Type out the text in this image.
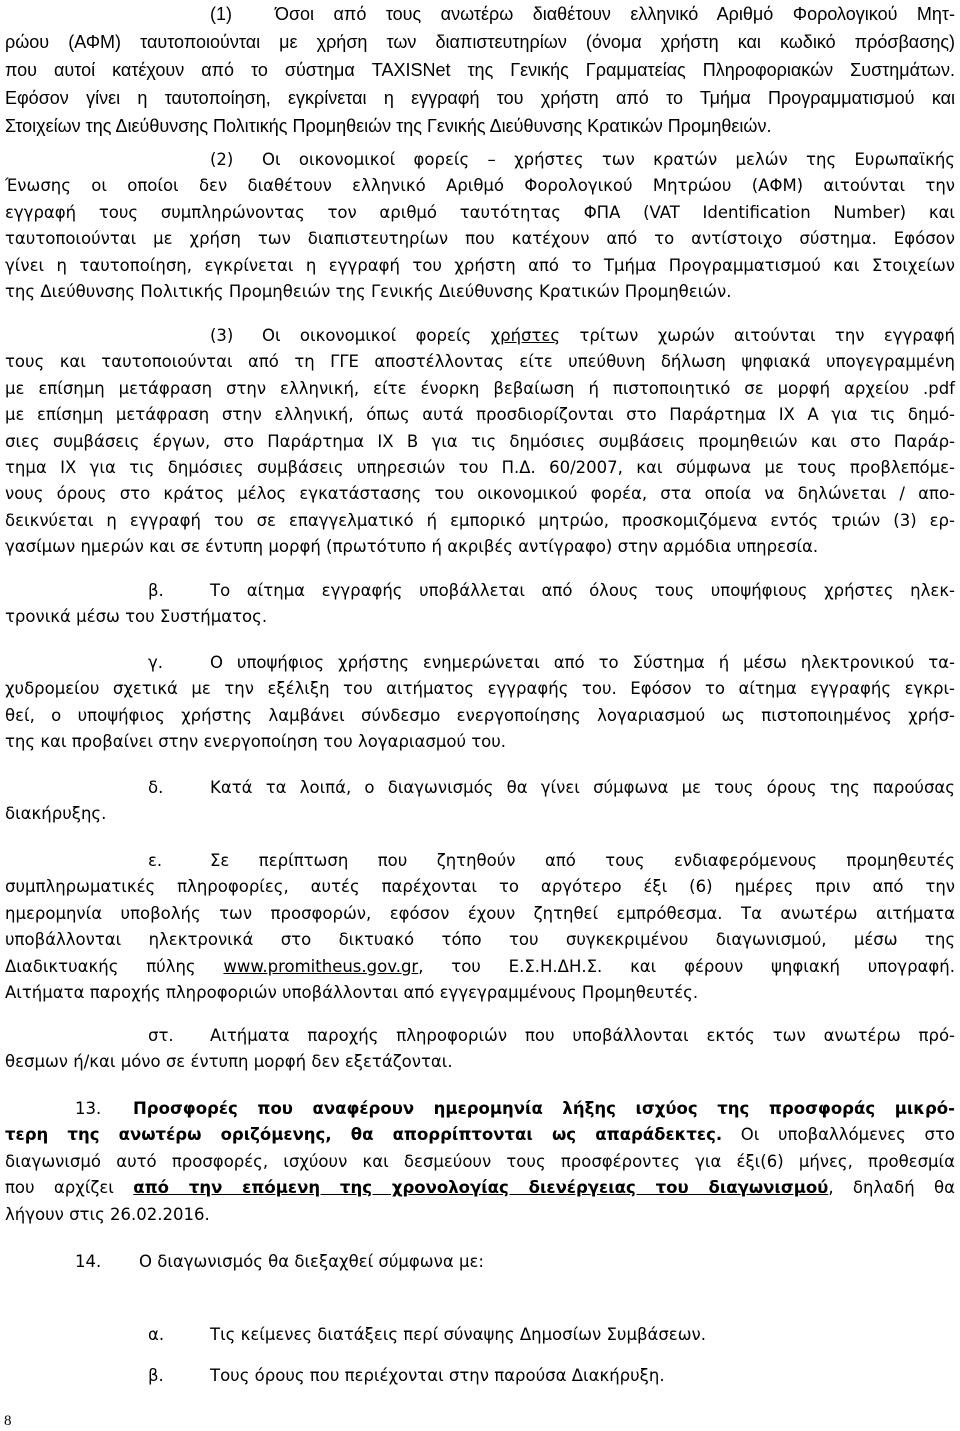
(1) Όσοι από τους ανωτέρω διαθέτουν ελληνικό Αριθμό Φορολογικού Μητ-
ρώου (ΑΦΜ) ταυτοποιούνται με χρήση των διαπιστευτηρίων (όνομα χρήστη και κωδικό πρόσβασης)
που αυτοί κατέχουν από το σύστημα TAXISNet της Γενικής Γραμματείας Πληροφοριακών Συστημάτων.
Εφόσον γίνει η ταυτοποίηση, εγκρίνεται η εγγραφή του χρήστη από το Τμήμα Προγραμματισμού και
Στοιχείων της Διεύθυνσης Πολιτικής Προμηθειών της Γενικής Διεύθυνσης Κρατικών Προμηθειών.
(2) Οι οικονομικοί φορείς – χρήστες των κρατών μελών της Ευρωπαϊκής
Ένωσης οι οποίοι δεν διαθέτουν ελληνικό Αριθμό Φορολογικού Μητρώου (ΑΦΜ) αιτούνται την
εγγραφή τους συμπληρώνοντας τον αριθμό ταυτότητας ΦΠΑ (VAT Identification Number) και
ταυτοποιούνται με χρήση των διαπιστευτηρίων που κατέχουν από το αντίστοιχο σύστημα. Εφόσον
γίνει η ταυτοποίηση, εγκρίνεται η εγγραφή του χρήστη από το Τμήμα Προγραμματισμού και Στοιχείων
της Διεύθυνσης Πολιτικής Προμηθειών της Γενικής Διεύθυνσης Κρατικών Προμηθειών.
(3) Οι οικονομικοί φορείς χρήστες τρίτων χωρών αιτούνται την εγγραφή
τους και ταυτοποιούνται από τη ΓΓΕ αποστέλλοντας είτε υπεύθυνη δήλωση ψηφιακά υπογεγραμμένη
με επίσημη μετάφραση στην ελληνική, είτε ένορκη βεβαίωση ή πιστοποιητικό σε μορφή αρχείου .pdf
με επίσημη μετάφραση στην ελληνική, όπως αυτά προσδιορίζονται στο Παράρτημα IX A για τις δημό-
σιες συμβάσεις έργων, στο Παράρτημα IX B για τις δημόσιες συμβάσεις προμηθειών και στο Παράρ-
τημα IX για τις δημόσιες συμβάσεις υπηρεσιών του Π.Δ. 60/2007, και σύμφωνα με τους προβλεπόμε-
νους όρους στο κράτος μέλος εγκατάστασης του οικονομικού φορέα, στα οποία να δηλώνεται / απο-
δεικνύεται η εγγραφή του σε επαγγελματικό ή εμπορικό μητρώο, προσκομιζόμενα εντός τριών (3) ερ-
γασίμων ημερών και σε έντυπη μορφή (πρωτότυπο ή ακριβές αντίγραφο) στην αρμόδια υπηρεσία.
β.	Το αίτημα εγγραφής υποβάλλεται από όλους τους υποψήφιους χρήστες ηλεκ-
τρονικά μέσω του Συστήματος.
γ.	Ο υποψήφιος χρήστης ενημερώνεται από το Σύστημα ή μέσω ηλεκτρονικού τα-
χυδρομείου σχετικά με την εξέλιξη του αιτήματος εγγραφής του. Εφόσον το αίτημα εγγραφής εγκρι-
θεί, ο υποψήφιος χρήστης λαμβάνει σύνδεσμο ενεργοποίησης λογαριασμού ως πιστοποιημένος χρήσ-
της και προβαίνει στην ενεργοποίηση του λογαριασμού του.
δ.	Κατά τα λοιπά, ο διαγωνισμός θα γίνει σύμφωνα με τους όρους της παρούσας
διακήρυξης.
ε.	Σε περίπτωση που ζητηθούν από τους ενδιαφερόμενους προμηθευτές
συμπληρωματικές πληροφορίες, αυτές παρέχονται το αργότερο έξι (6) ημέρες πριν από την
ημερομηνία υποβολής των προσφορών, εφόσον έχουν ζητηθεί εμπρόθεσμα. Τα ανωτέρω αιτήματα
υποβάλλονται ηλεκτρονικά στο δικτυακό τόπο του συγκεκριμένου διαγωνισμού, μέσω της
Διαδικτυακής πύλης www.promitheus.gov.gr, του Ε.Σ.Η.ΔΗ.Σ. και φέρουν ψηφιακή υπογραφή.
Αιτήματα παροχής πληροφοριών υποβάλλονται από εγγεγραμμένους Προμηθευτές.
στ. Αιτήματα παροχής πληροφοριών που υποβάλλονται εκτός των ανωτέρω πρό-
θεσμων ή/και μόνο σε έντυπη μορφή δεν εξετάζονται.
13. Προσφορές που αναφέρουν ημερομηνία λήξης ισχύος της προσφοράς μικρό-
τερη της ανωτέρω οριζόμενης, θα απορρίπτονται ως απαράδεκτες. Οι υποβαλλόμενες στο
διαγωνισμό αυτό προσφορές, ισχύουν και δεσμεύουν τους προσφέροντες για έξι(6) μήνες, προθεσμία
που αρχίζει από την επόμενη της χρονολογίας διενέργειας του διαγωνισμού, δηλαδή θα
λήγουν στις 26.02.2016.
14. Ο διαγωνισμός θα διεξαχθεί σύμφωνα με:
α.	Τις κείμενες διατάξεις περί σύναψης Δημοσίων Συμβάσεων.
β.	Τους όρους που περιέχονται στην παρούσα Διακήρυξη.
8
